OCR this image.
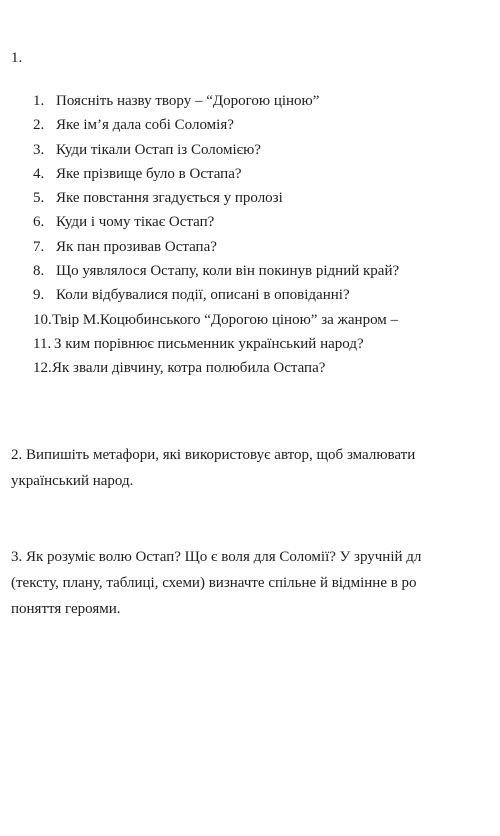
1.
1. Поясніть назву твору – “Дорогою ціною”
2. Яке ім’я дала собі Соломія?
3. Куди тікали Остап із Соломією?
4. Яке прізвище було в Остапа?
5. Яке повстання згадується у пролозі
6. Куди і чому тікає Остап?
7. Як пан прозивав Остапа?
8. Що уявлялося Остапу, коли він покинув рідний край?
9. Коли відбувалися події, описані в оповіданні?
10. Твір М.Коцюбинського “Дорогою ціною” за жанром –
11. З ким порівнює письменник український народ?
12. Як звали дівчину, котра полюбила Остапа?

2. Випишіть метафори, які використовує автор, щоб змалювати

український народ.

3. Як розуміє волю Остап? Що є воля для Соломії? У зручній дл

(тексту, плану, таблиці, схеми) визначте спільне й відмінне в ро

поняття героями.
